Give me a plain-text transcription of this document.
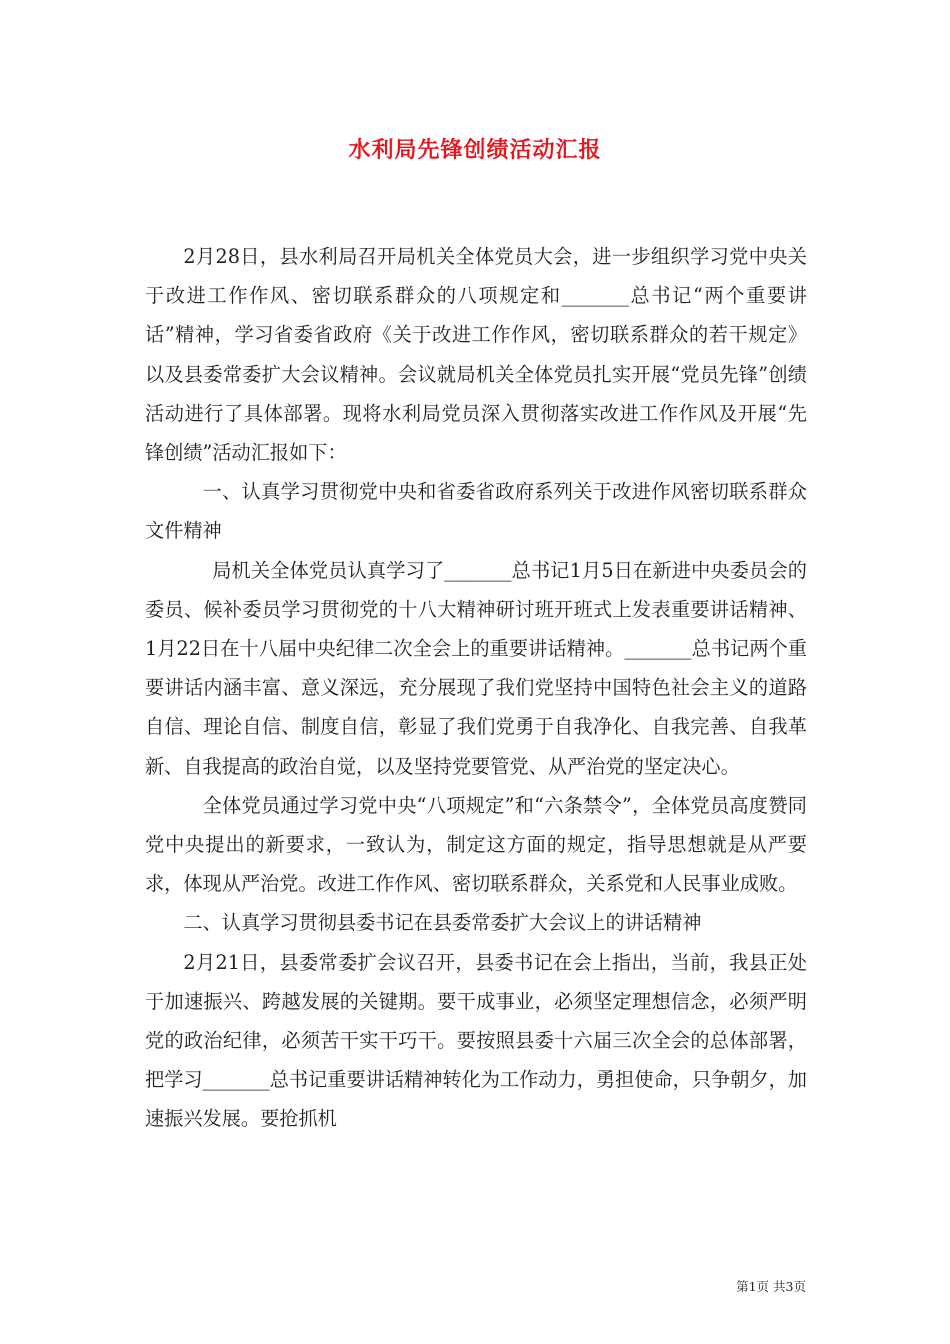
水利局先锋创绩活动汇报

2月28日，县水利局召开局机关全体党员大会，进一步组织学习党中央关于改进工作作风、密切联系群众的八项规定和_______总书记“两个重要讲话”精神，学习省委省政府《关于改进工作作风，密切联系群众的若干规定》以及县委常委扩大会议精神。会议就局机关全体党员扎实开展“党员先锋”创绩活动进行了具体部署。现将水利局党员深入贯彻落实改进工作作风及开展“先锋创绩”活动汇报如下：

一、认真学习贯彻党中央和省委省政府系列关于改进作风密切联系群众文件精神

局机关全体党员认真学习了_______总书记1月5日在新进中央委员会的委员、候补委员学习贯彻党的十八大精神研讨班开班式上发表重要讲话精神、1月22日在十八届中央纪律二次全会上的重要讲话精神。_______总书记两个重要讲话内涵丰富、意义深远，充分展现了我们党坚持中国特色社会主义的道路自信、理论自信、制度自信，彰显了我们党勇于自我净化、自我完善、自我革新、自我提高的政治自觉，以及坚持党要管党、从严治党的坚定决心。

全体党员通过学习党中央“八项规定”和“六条禁令”，全体党员高度赞同党中央提出的新要求，一致认为，制定这方面的规定，指导思想就是从严要求，体现从严治党。改进工作作风、密切联系群众，关系党和人民事业成败。

二、认真学习贯彻县委书记在县委常委扩大会议上的讲话精神

2月21日，县委常委扩会议召开，县委书记在会上指出，当前，我县正处于加速振兴、跨越发展的关键期。要干成事业，必须坚定理想信念，必须严明党的政治纪律，必须苦干实干巧干。要按照县委十六届三次全会的总体部署，把学习_______总书记重要讲话精神转化为工作动力，勇担使命，只争朝夕，加速振兴发展。要抢抓机

第1页 共3页
